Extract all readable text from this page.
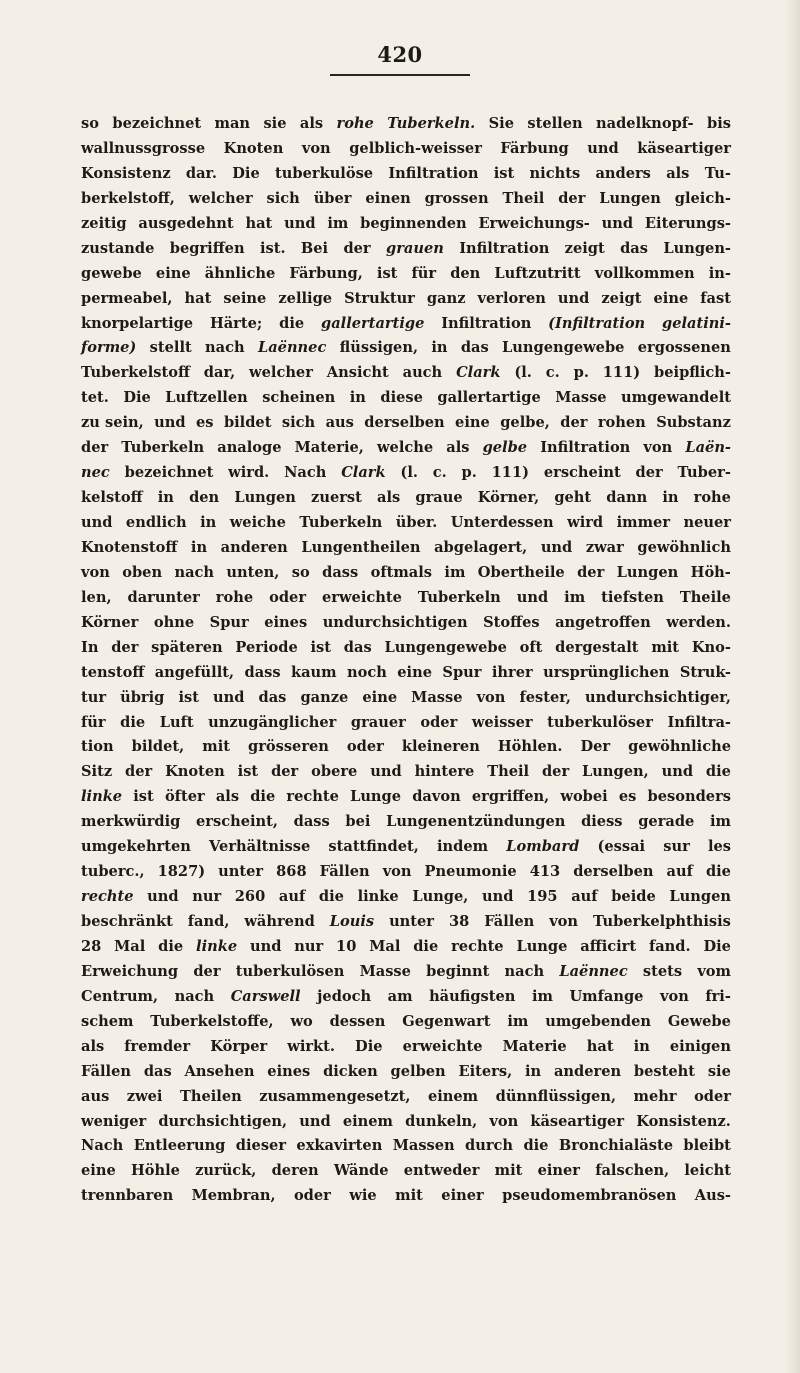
420
so bezeichnet man sie als rohe Tuberkeln. Sie stellen nadelknopf- bis
wallnussgrosse Knoten von gelblich-weisser Färbung und käseartiger
Konsistenz dar. Die tuberkulöse Infiltration ist nichts anders als Tu-
berkelstoff, welcher sich über einen grossen Theil der Lungen gleich-
zeitig ausgedehnt hat und im beginnenden Erweichungs- und Eiterungs-
zustande begriffen ist. Bei der grauen Infiltration zeigt das Lungen-
gewebe eine ähnliche Färbung, ist für den Luftzutritt vollkommen in-
permeabel, hat seine zellige Struktur ganz verloren und zeigt eine fast
knorpelartige Härte; die gallertartige Infiltration (Infiltration gelatini-
forme) stellt nach Laënnec flüssigen, in das Lungengewebe ergossenen
Tuberkelstoff dar, welcher Ansicht auch Clark (l. c. p. 111) beipflich-
tet. Die Luftzellen scheinen in diese gallertartige Masse umgewandelt
zu sein, und es bildet sich aus derselben eine gelbe, der rohen Substanz
der Tuberkeln analoge Materie, welche als gelbe Infiltration von Laën-
nec bezeichnet wird. Nach Clark (l. c. p. 111) erscheint der Tuber-
kelstoff in den Lungen zuerst als graue Körner, geht dann in rohe
und endlich in weiche Tuberkeln über. Unterdessen wird immer neuer
Knotenstoff in anderen Lungentheilen abgelagert, und zwar gewöhnlich
von oben nach unten, so dass oftmals im Obertheile der Lungen Höh-
len, darunter rohe oder erweichte Tuberkeln und im tiefsten Theile
Körner ohne Spur eines undurchsichtigen Stoffes angetroffen werden.
In der späteren Periode ist das Lungengewebe oft dergestalt mit Kno-
tenstoff angefüllt, dass kaum noch eine Spur ihrer ursprünglichen Struk-
tur übrig ist und das ganze eine Masse von fester, undurchsichtiger,
für die Luft unzugänglicher grauer oder weisser tuberkulöser Infiltra-
tion bildet, mit grösseren oder kleineren Höhlen. Der gewöhnliche
Sitz der Knoten ist der obere und hintere Theil der Lungen, und die
linke ist öfter als die rechte Lunge davon ergriffen, wobei es besonders
merkwürdig erscheint, dass bei Lungenentzündungen diess gerade im
umgekehrten Verhältnisse stattfindet, indem Lombard (essai sur les
tuberc., 1827) unter 868 Fällen von Pneumonie 413 derselben auf die
rechte und nur 260 auf die linke Lunge, und 195 auf beide Lungen
beschränkt fand, während Louis unter 38 Fällen von Tuberkelphthisis
28 Mal die linke und nur 10 Mal die rechte Lunge afficirt fand. Die
Erweichung der tuberkulösen Masse beginnt nach Laënnec stets vom
Centrum, nach Carswell jedoch am häufigsten im Umfange von fri-
schem Tuberkelstoffe, wo dessen Gegenwart im umgebenden Gewebe
als fremder Körper wirkt. Die erweichte Materie hat in einigen
Fällen das Ansehen eines dicken gelben Eiters, in anderen besteht sie
aus zwei Theilen zusammengesetzt, einem dünnflüssigen, mehr oder
weniger durchsichtigen, und einem dunkeln, von käseartiger Konsistenz.
Nach Entleerung dieser exkavirten Massen durch die Bronchialäste bleibt
eine Höhle zurück, deren Wände entweder mit einer falschen, leicht
trennbaren Membran, oder wie mit einer pseudomembranösen Aus-
